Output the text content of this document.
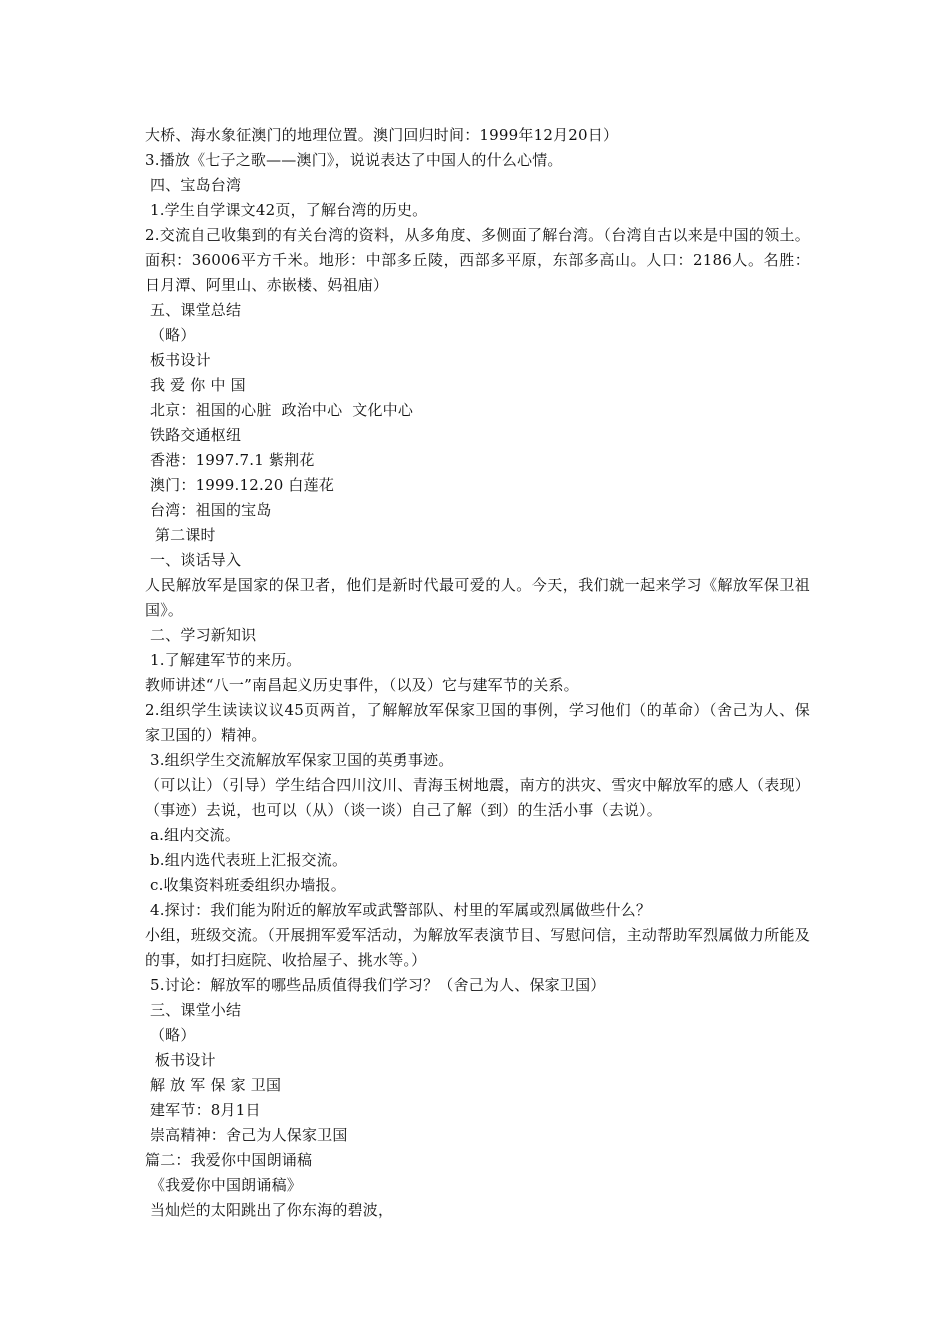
大桥、海水象征澳门的地理位置。澳门回归时间：1999年12月20日）

3.播放《七子之歌——澳门》，说说表达了中国人的什么心情。

四、宝岛台湾

1.学生自学课文42页，了解台湾的历史。

2.交流自己收集到的有关台湾的资料，从多角度、多侧面了解台湾。（台湾自古以来是中国的领土。面积：36006平方千米。地形：中部多丘陵，西部多平原，东部多高山。人口：2186人。名胜：日月潭、阿里山、赤嵌楼、妈祖庙）

五、课堂总结

（略）

板书设计

我 爱 你 中 国

北京：祖国的心脏  政治中心  文化中心

铁路交通枢纽

香港：1997.7.1 紫荆花

澳门：1999.12.20 白莲花

台湾：祖国的宝岛

第二课时

一、谈话导入

人民解放军是国家的保卫者，他们是新时代最可爱的人。今天，我们就一起来学习《解放军保卫祖国》。

二、学习新知识

1.了解建军节的来历。

教师讲述“八一”南昌起义历史事件，（以及）它与建军节的关系。

2.组织学生读读议议45页两首，了解解放军保家卫国的事例，学习他们（的革命）（舍己为人、保家卫国的）精神。

3.组织学生交流解放军保家卫国的英勇事迹。

（可以让）（引导）学生结合四川汶川、青海玉树地震，南方的洪灾、雪灾中解放军的感人（表现）（事迹）去说，也可以（从）（谈一谈）自己了解（到）的生活小事（去说）。

a.组内交流。

b.组内选代表班上汇报交流。

c.收集资料班委组织办墙报。

4.探讨：我们能为附近的解放军或武警部队、村里的军属或烈属做些什么？

小组，班级交流。（开展拥军爱军活动，为解放军表演节目、写慰问信，主动帮助军烈属做力所能及的事，如打扫庭院、收拾屋子、挑水等。）

5.讨论：解放军的哪些品质值得我们学习？（舍己为人、保家卫国）

三、课堂小结

（略）

板书设计

解 放 军 保 家 卫国

建军节：8月1日

崇高精神：舍己为人保家卫国

篇二：我爱你中国朗诵稿

《我爱你中国朗诵稿》

当灿烂的太阳跳出了你东海的碧波，
